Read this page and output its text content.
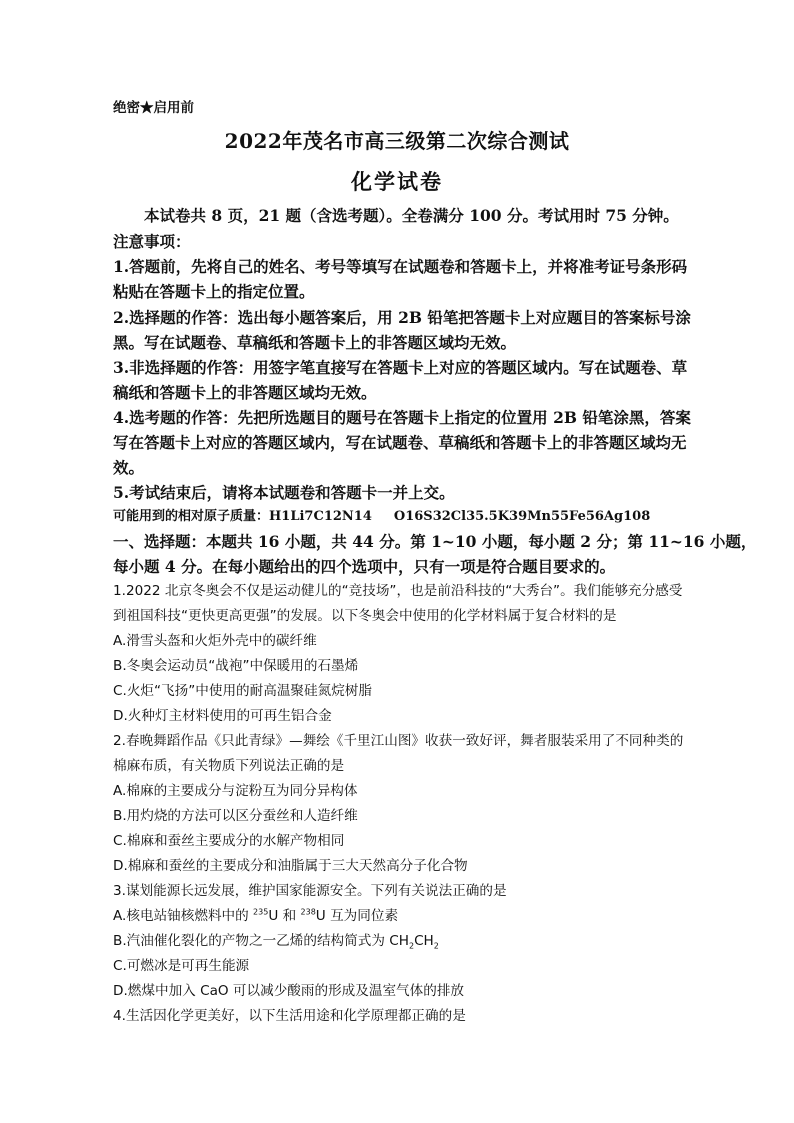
绝密★启用前
2022年茂名市高三级第二次综合测试
化学试卷
本试卷共 8 页，21 题（含选考题）。全卷满分 100 分。考试用时 75 分钟。
注意事项：
1.答题前，先将自己的姓名、考号等填写在试题卷和答题卡上，并将准考证号条形码
粘贴在答题卡上的指定位置。
2.选择题的作答：选出每小题答案后，用 2B 铅笔把答题卡上对应题目的答案标号涂
黑。写在试题卷、草稿纸和答题卡上的非答题区域均无效。
3.非选择题的作答：用签字笔直接写在答题卡上对应的答题区域内。写在试题卷、草
稿纸和答题卡上的非答题区域均无效。
4.选考题的作答：先把所选题目的题号在答题卡上指定的位置用 2B 铅笔涂黑，答案
写在答题卡上对应的答题区域内，写在试题卷、草稿纸和答题卡上的非答题区域均无
效。
5.考试结束后，请将本试题卷和答题卡一并上交。
可能用到的相对原子质量：H1Li7C12N14 O16S32Cl35.5K39Mn55Fe56Ag108
一、选择题：本题共 16 小题，共 44 分。第 1~10 小题，每小题 2 分；第 11~16 小题，
每小题 4 分。在每小题给出的四个选项中，只有一项是符合题目要求的。
1.2022 北京冬奥会不仅是运动健儿的“竞技场”，也是前沿科技的“大秀台”。我们能够充分感受
到祖国科技“更快更高更强”的发展。以下冬奥会中使用的化学材料属于复合材料的是
A.滑雪头盔和火炬外壳中的碳纤维
B.冬奥会运动员“战袍”中保暖用的石墨烯
C.火炬“飞扬”中使用的耐高温聚硅氮烷树脂
D.火种灯主材料使用的可再生铝合金
2.春晚舞蹈作品《只此青绿》—舞绘《千里江山图》收获一致好评，舞者服装采用了不同种类的
棉麻布质，有关物质下列说法正确的是
A.棉麻的主要成分与淀粉互为同分异构体
B.用灼烧的方法可以区分蚕丝和人造纤维
C.棉麻和蚕丝主要成分的水解产物相同
D.棉麻和蚕丝的主要成分和油脂属于三大天然高分子化合物
3.谋划能源长远发展，维护国家能源安全。下列有关说法正确的是
A.核电站铀核燃料中的 $^{235}$U 和 $^{238}$U 互为同位素
B.汽油催化裂化的产物之一乙烯的结构简式为 $CH_2CH_2$
C.可燃冰是可再生能源
D.燃煤中加入 CaO 可以减少酸雨的形成及温室气体的排放
4.生活因化学更美好，以下生活用途和化学原理都正确的是
